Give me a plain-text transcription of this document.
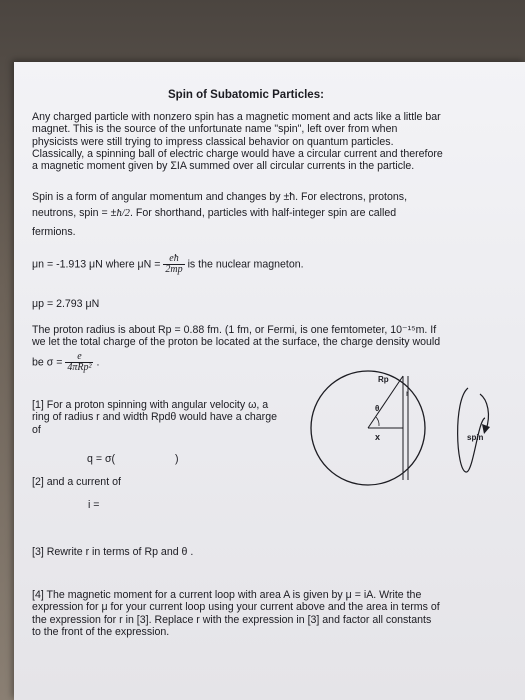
Spin of Subatomic Particles:
Any charged particle with nonzero spin has a magnetic moment and acts like a little bar
magnet. This is the source of the unfortunate name "spin", left over from when
physicists were still trying to impress classical behavior on quantum particles.
Classically, a spinning ball of electric charge would have a circular current and therefore
a magnetic moment given by ΣIA summed over all circular currents in the particle.
Spin is a form of angular momentum and changes by ±ħ. For electrons, protons,
neutrons, spin = ±ħ/2. For shorthand, particles with half-integer spin are called
fermions.
μn = -1.913 μN where $\mu N = \frac{eħ}{2mp}$ is the nuclear magneton.
μp = 2.793 μN
The proton radius is about Rp = 0.88 fm. (1 fm, or Fermi, is one femtometer, 10⁻¹⁵m. If
we let the total charge of the proton be located at the surface, the charge density would
be $\sigma = \frac{e}{\text{4πRp²}}$ .
[1] For a proton spinning with angular velocity ω, a
ring of radius r and width Rpdθ would have a charge
of
q = σ(	)
[2] and a current of
i =
[3] Rewrite r in terms of Rp and θ .
[4] The magnetic moment for a current loop with area A is given by μ = iA. Write the
expression for μ for your current loop using your current above and the area in terms of
the expression for r in [3]. Replace r with the expression in [3] and factor all constants
to the front of the expression.
Rp
r
θ
x	spin
